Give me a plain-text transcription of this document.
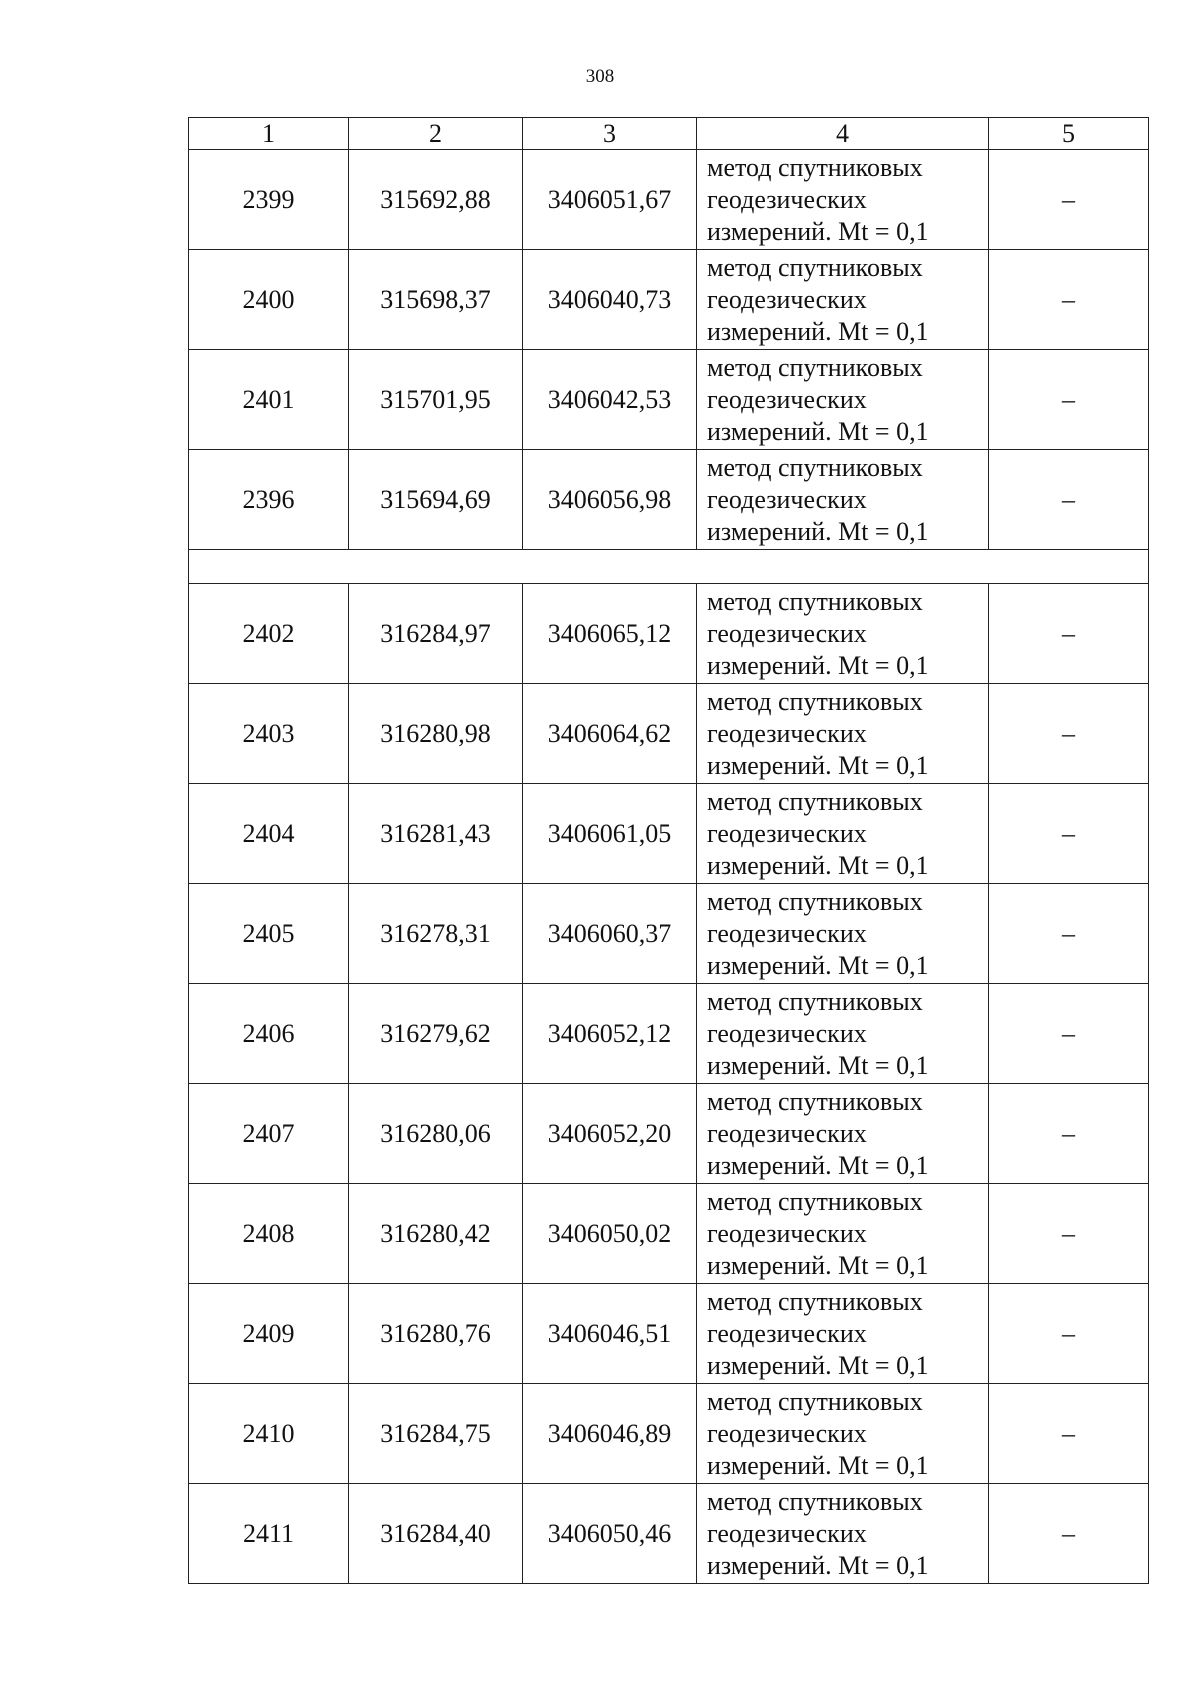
308
1	2	3	4	5
2399	315692,88	3406051,67	метод спутниковых
геодезических
измерений. Mt = 0,1	–
2400	315698,37	3406040,73	метод спутниковых
геодезических
измерений. Mt = 0,1	–
2401	315701,95	3406042,53	метод спутниковых
геодезических
измерений. Mt = 0,1	–
2396	315694,69	3406056,98	метод спутниковых
геодезических
измерений. Mt = 0,1	–

2402	316284,97	3406065,12	метод спутниковых
геодезических
измерений. Mt = 0,1	–
2403	316280,98	3406064,62	метод спутниковых
геодезических
измерений. Mt = 0,1	–
2404	316281,43	3406061,05	метод спутниковых
геодезических
измерений. Mt = 0,1	–
2405	316278,31	3406060,37	метод спутниковых
геодезических
измерений. Mt = 0,1	–
2406	316279,62	3406052,12	метод спутниковых
геодезических
измерений. Mt = 0,1	–
2407	316280,06	3406052,20	метод спутниковых
геодезических
измерений. Mt = 0,1	–
2408	316280,42	3406050,02	метод спутниковых
геодезических
измерений. Mt = 0,1	–
2409	316280,76	3406046,51	метод спутниковых
геодезических
измерений. Mt = 0,1	–
2410	316284,75	3406046,89	метод спутниковых
геодезических
измерений. Mt = 0,1	–
2411	316284,40	3406050,46	метод спутниковых
геодезических
измерений. Mt = 0,1	–
